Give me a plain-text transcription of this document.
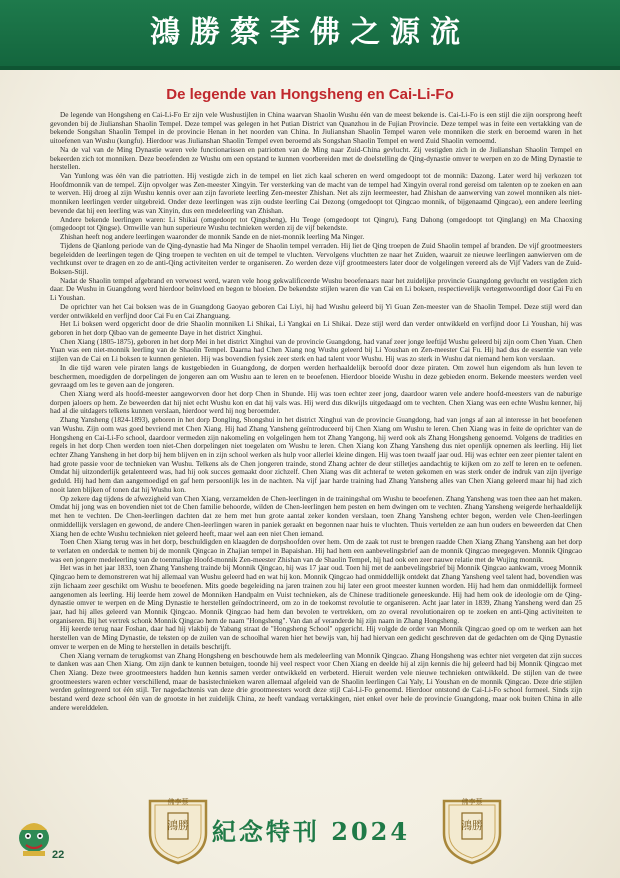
鴻勝蔡李佛之源流
De legende van Hongsheng en Cai-Li-Fo

De legende van Hongsheng en Cai-Li-Fo Er zijn vele Wushustijlen in China waarvan Shaolin Wushu één van de meest bekende is. Cai-Li-Fo is een stijl die zijn oorsprong heeft gevonden bij de Jiulianshan Shaolin Tempel. Deze tempel was gelegen in het Putian District van Quanzhou in de Fujian Provincie. Deze tempel was in feite een vertakking van de bekende Songshan Shaolin Tempel in de provincie Henan in het noorden van China. In Jiulianshan Shaolin Tempel waren vele monniken die sterk en beroemd waren in het uitoefenen van Wushu (kungfu). Hierdoor was Jiulianshan Shaolin Tempel even beroemd als Songshan Shaolin Tempel en werd Zuid Shaolin vernoemd.

Na de val van de Ming Dynastie waren vele functionarissen en patriotten van de Ming naar Zuid-China gevlucht. Zij vestigden zich in de Jiulianshan Shaolin Tempel en bekeerden zich tot monniken. Deze beoefenden ze Wushu om een opstand te kunnen voorbereiden met de doelstelling de Qing-dynastie omver te werpen en zo de Ming Dynastie te herstellen.

Van Yunlong was één van die patriotten. Hij vestigde zich in de tempel en liet zich kaal scheren en werd omgedoopt tot de monnik: Dazong. Later werd hij verkozen tot Hoofdmonnik van de tempel. Zijn opvolger was Zen-meester Xingyin. Ter versterking van de macht van de tempel had Xingyin overal rond gereisd om talenten op te zoeken en aan te werven. Hij droeg al zijn Wushu kennis over aan zijn favoriete leerling Zen-meester Zhishan. Net als zijn leermeester, had Zhishan de aanwerving van zowel monniken als niet-monniken leerlingen verder uitgebreid. Onder deze leerlingen was zijn oudste leerling Cai Dezong (omgedoopt tot Qingcao monnik, of bijgenaamd Qingcao), een andere leerling bevende dat hij een leerling was van Xinyin, dus een medeleerling van Zhishan.

Andere bekende leerlingen waren: Li Shikai (omgedoopt tot Qingsheng), Hu Teoge (omgedoopt tot Qingru), Fang Dahong (omgedoopt tot Qinglang) en Ma Chaoxing (omgedoopt tot Qingse). Omwille van hun superieure Wushu technieken werden zij de vijf bekendste.

Zhishan heeft nog andere leerlingen waaronder de monnik Sande en de niet-monnik leerling Ma Ninger.

Tijdens de Qianlong periode van de Qing-dynastie had Ma Ninger de Shaolin tempel verraden. Hij liet de Qing troepen de Zuid Shaolin tempel af branden. De vijf grootmeesters begeleidden de leerlingen tegen de Qing troepen te vechten en uit de tempel te vluchten. Vervolgens vluchtten ze naar het Zuiden, waaruit ze nieuwe leerlingen aanwierven om de vechtkunst over te dragen en zo de anti-Qing activiteiten verder te organiseren. Zo werden deze vijf grootmeesters later door de volgelingen vereerd als de Vijf Vaders van de Zuid- Boksen-Stijl.

Nadat de Shaolin tempel afgebrand en verwoest werd, waren vele hoog gekwalificeerde Wushu beoefenaars naar het zuidelijke provincie Guangdong gevlucht en vestigden zich daar. De Wushu in Guangdong werd hierdoor beïnvloed en begon te bloeien. De bekendste stijlen waren die van Cai en Li boksen, respectievelijk vertegenwoordigd door Cai Fu en Li Youshan.

De oprichter van het Cai boksen was de in Guangdong Gaoyao geboren Cai Liyi, hij had Wushu geleerd bij Yi Guan Zen-meester van de Shaolin Tempel. Deze stijl werd dan verder ontwikkeld en verfijnd door Cai Fu en Cai Zhanguang.

Het Li boksen werd opgericht door de drie Shaolin monniken Li Shikai, Li Yangkai en Li Shikai. Deze stijl werd dan verder ontwikkeld en verfijnd door Li Youshan, hij was geboren in het dorp Qibao van de gemeente Daye in het district Xinghui.

Chen Xiang (1805-1875), geboren in het dorp Mei in het district Xinghui van de provincie Guangdong, had vanaf zeer jonge leeftijd Wushu geleerd bij zijn oom Chen Yuan. Chen Yuan was een niet-monnik leerling van de Shaolin Tempel. Daarna had Chen Xiang nog Wushu geleerd bij Li Youshan en Zen-meester Cai Fu. Hij had dus de essentie van vele stijlen van de Cai en Li boksen te kunnen genieten. Hij was bovendien fysiek zeer sterk en had talent voor Wushu. Hij was zo sterk in Wushu dat niemand hem kon verslaan.

In die tijd waren vele piraten langs de kustgebieden in Guangdong, de dorpen werden herhaaldelijk beroofd door deze piraten. Om zowel hun eigendom als hun leven te beschermen, moedigden de dorpelingen de jongeren aan om Wushu aan te leren en te beoefenen. Hierdoor bloeide Wushu in deze gebieden enorm. Bekende meesters werden veel gevraagd om les te geven aan de jongeren.

Chen Xiang werd als hoofd-meester aangeworven door het dorp Chen in Shunde. Hij was toen echter zeer jong, daardoor waren vele andere hoofd-meesters van de naburige dorpen jaloers op hem. Ze beweerden dat hij niet echt Wushu kon en dat hij vals was. Hij werd dus dikwijls uitgedaagd om te vechten. Chen Xiang was een echte Wushu kenner, hij had al die uitdagers telkens kunnen verslaan, hierdoor werd hij nog beroemder.

Zhang Yansheng (1824-1893), geboren in het dorp Dongling, Shongshui in het district Xinghui van de provincie Guangdong, had van jongs af aan al interesse in het beoefenen van Wushu. Zijn oom was goed bevriend met Chen Xiang. Hij had Zhang Yansheng geïntroduceerd bij Chen Xiang om Wushu te leren. Chen Xiang was in feite de oprichter van de Hongsheng en Cai-Li-Fo school, daardoor vermeden zijn nakomeling en volgelingen hem tot Zhang Yangong, hij werd ook als Zhang Hongsheng genoemd. Volgens de tradities en regels in het dorp Chen werden toen niet-Chen dorpelingen niet toegelaten om Wushu te leren. Chen Xiang kon Zhang Yansheng dus niet openlijk opnemen als leerling. Hij liet echter Zhang Yansheng in het dorp bij hem blijven en in zijn school werken als hulp voor allerlei kleine dingen. Hij was toen twaalf jaar oud. Hij was echter een zeer pienter talent en had grote passie voor de technieken van Wushu. Telkens als de Chen jongeren trainde, stond Zhang achter de deur stilletjes aandachtig te kijken om zo zelf te leren en te oefenen. Omdat hij uitzonderlijk getalenteerd was, had hij ook succes gemaakt door zichzelf. Chen Xiang was dit achteraf te weten gekomen en was sterk onder de indruk van zijn ijverige geduld. Hij had hem dan aangemoedigd en gaf hem persoonlijk les in de nachten. Na vijf jaar harde training had Zhang Yansheng alles van Chen Xiang geleerd maar hij had zich nooit laten blijken of tonen dat hij Wushu kon.

Op zekere dag tijdens de afwezigheid van Chen Xiang, verzamelden de Chen-leerlingen in de trainingshal om Wushu te beoefenen. Zhang Yansheng was toen thee aan het maken. Omdat hij jong was en bovendien niet tot de Chen familie behoorde, wilden de Chen-leerlingen hem pesten en hem dwingen om te vechten. Zhang Yansheng weigerde herhaaldelijk met hen te vechten. De Chen-leerlingen dachten dat ze hem met hun grote aantal zeker konden verslaan, toen Zhang Yansheng echter begon, werden vele Chen-leerlingen onmiddellijk verslagen en gewond, de andere Chen-leerlingen waren in paniek geraakt en begonnen naar huis te vluchten. Thuis vertelden ze aan hun ouders en beweerden dat Chen Xiang hen de echte Wushu technieken niet geleerd heeft, maar wel aan een niet Chen iemand.

Toen Chen Xiang terug was in het dorp, beschuldigden en klaagden de dorpshoofden over hem. Om de zaak tot rust te brengen raadde Chen Xiang Zhang Yansheng aan het dorp te verlaten en onderdak te nemen bij de monnik Qingcao in Zhajian tempel in Bapaishan. Hij had hem een aanbevelingsbrief aan de monnik Qingcao meegegeven. Monnik Qingcao was een jongere medeleerling van de toenmalige Hoofd-monnik Zen-meester Zhishan van de Shaolin Tempel, hij had ook een zeer nauwe relatie met de Wujing monnik.

Het was in het jaar 1833, toen Zhang Yansheng trainde bij Monnik Qingcao, hij was 17 jaar oud. Toen hij met de aanbevelingsbrief bij Monnik Qingcao aankwam, vroeg Monnik Qingcao hem te demonstreren wat hij allemaal van Wushu geleerd had en wat hij kon. Monnik Qingcao had onmiddellijk ontdekt dat Zhang Yansheng veel talent had, bovendien was zijn lichaam zeer geschikt om Wushu te beoefenen. Mits goede begeleiding na jaren trainen zou hij later een groot meester kunnen worden. Hij had hem dan onmiddellijk formeel aangenomen als leerling. Hij leerde hem zowel de Monniken Handpalm en Vuist technieken, als de Chinese traditionele geneeskunde. Hij had hem ook de ideologie om de Qing-dynastie omver te werpen en de Ming Dynastie te herstellen geïndoctrineerd, om zo in de toekomst revolutie te organiseren. Acht jaar later in 1839, Zhang Yansheng werd dan 25 jaar, had hij alles geleerd van Monnik Qingcao. Monnik Qingcao had hem dan bevolen te vertrekken, om zo overal revolutionairen op te zoeken en anti-Qing activiteiten te organiseren. Bij het vertrek schonk Monnik Qingcao hem de naam "Hongsheng". Van dan af veranderde hij zijn naam in Zhang Hongsheng.

Hij keerde terug naar Foshan, daar had hij vlakbij de Yabang straat de "Hongsheng School" opgericht. Hij volgde de order van Monnik Qingcao goed op om te werken aan het herstellen van de Ming Dynastie, de teksten op de zuilen van de schoolhal waren hier het bewijs van, hij had hiervan een gedicht geschreven dat de gedachten om de Qing Dynastie omver te werpen en de Ming te herstellen in details beschrijft.

Chen Xiang vernam de terugkomst van Zhang Hongsheng en beschouwde hem als medeleerling van Monnik Qingcao. Zhang Hongsheng was echter niet vergeten dat zijn succes te danken was aan Chen Xiang. Om zijn dank te kunnen betuigen, toonde hij veel respect voor Chen Xiang en deelde hij al zijn kennis die hij geleerd had bij Monnik Qingcao met Chen Xiang. Deze twee grootmeesters hadden hun kennis samen verder ontwikkeld en verbeterd. Hieruit werden vele nieuwe technieken ontwikkeld. De stijlen van de twee grootmeesters waren echter verschillend, maar de basistechnieken waren allemaal afgeleid van de Shaolin leerlingen Cai Yaly, Li Youshan en de monnik Qingcao. Deze drie stijlen werden geïntegreerd tot één stijl. Ter nagedachtenis van deze drie grootmeesters wordt deze stijl Cai-Li-Fo genoemd. Hierdoor ontstond de Cai-Li-Fo school formeel. Sinds zijn bestand werd deze school één van de grootste in het zuidelijk China, ze heeft vandaag vertakkingen, niet enkel over hele de provincie Guangdong, maar ook buiten China in alle andere werelddelen.

佛李蔡
鴻勝
佛李蔡
鴻勝
紀念特刊 2024
22
